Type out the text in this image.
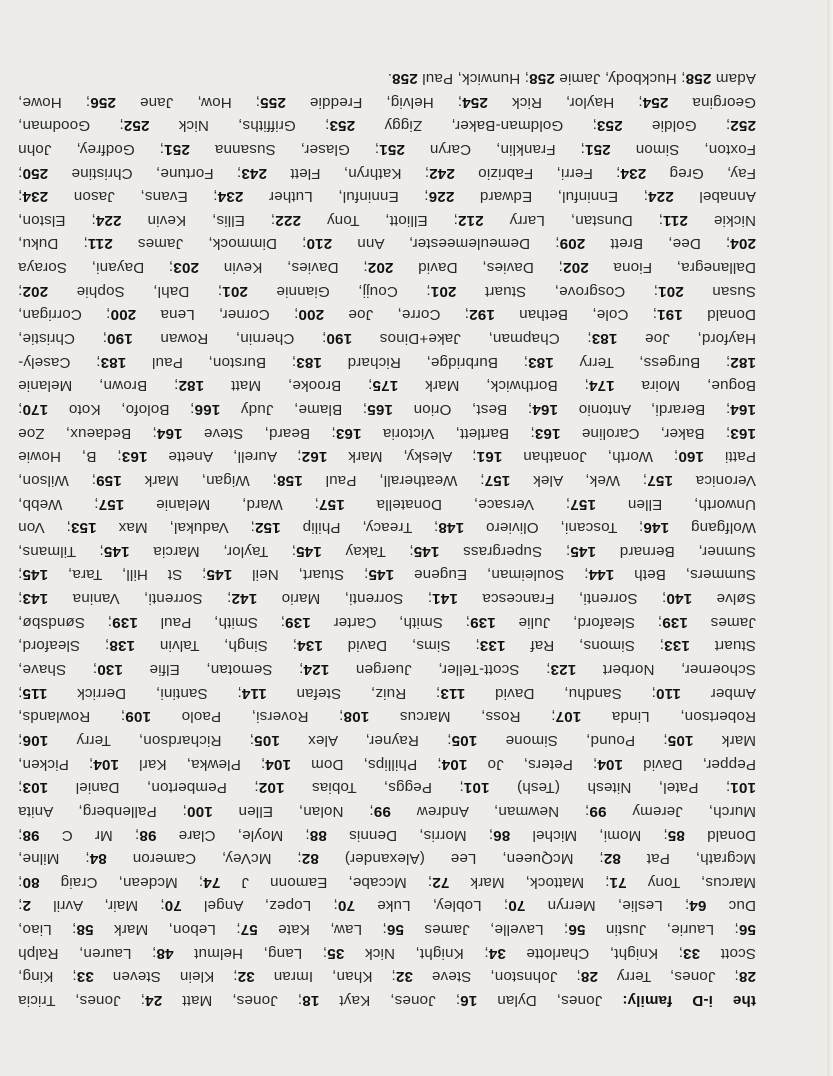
the i-D family: Jones, Dylan 16; Jones, Kayt 18; Jones, Matt 24; Jones, Tricia
28; Jones, Terry 28; Johnston, Steve 32; Khan, Imran 32; Klein Steven 33; King,
Scott 33; Knight, Charlotte 34; Knight, Nick 35; Lang, Helmut 48; Lauren, Ralph
56; Laurie, Justin 56; Lavelle, James 56; Law, Kate 57; Lebon, Mark 58; Liao,
Duc 64; Leslie, Merryn 70; Lobley, Luke 70; Lopez, Angel 70; Mair, Avril 2;
Marcus, Tony 71; Mattock, Mark 72; Mccabe, Eamonn J 74; Mcdean, Craig 80;
Mcgrath, Pat 82; McQueen, Lee (Alexander) 82; McVey, Cameron 84; Milne,
Donald 85; Momi, Michel 86; Morris, Dennis 88; Moyle, Clare 98; Mr C 98;
Murch, Jeremy 99; Newman, Andrew 99; Nolan, Ellen 100; Pallenberg, Anita
101; Patel, Nitesh (Tesh) 101; Peggs, Tobias 102; Pemberton, Daniel 103;
Pepper, David 104; Peters, Jo 104; Phillips, Dom 104; Plewka, Karl 104; Picken,
Mark 105; Pound, Simone 105; Rayner, Alex 105; Richardson, Terry 106;
Robertson, Linda 107; Ross, Marcus 108; Roversi, Paolo 109; Rowlands,
Amber 110; Sandhu, David 113; Ruiz, Stefan 114; Santini, Derrick 115;
Schoerner, Norbert 123; Scott-Teller, Juergen 124; Semotan, Elfie 130; Shave,
Stuart 133; Simons, Raf 133; Sims, David 134; Singh, Talvin 138; Sleaford,
James 139; Sleaford, Julie 139; Smith, Carter 139; Smith, Paul 139; Søndsbø,
Sølve 140; Sorrenti, Francesca 141; Sorrenti, Mario 142; Sorrenti, Vanina 143;
Summers, Beth 144; Souleiman, Eugene 145; Stuart, Neil 145; St Hill, Tara, 145;
Sumner, Bernard 145; Supergrass 145; Takay 145; Taylor, Marcia 145; Tilmans,
Wolfgang 146; Toscani, Oliviero 148; Treacy, Philip 152; Vadukal, Max 153; Von
Unworth, Ellen 157; Versace, Donatella 157; Ward, Melanie 157; Webb,
Veronica 157; Wek, Alek 157; Weatherall, Paul 158; Wigan, Mark 159; Wilson,
Patti 160; Worth, Jonathan 161; Alesky, Mark 162; Aurell, Anette 163; B, Howie
163; Baker, Caroline 163; Bartlett, Victoria 163; Beard, Steve 164; Bedaeux, Zoe
164; Berardi, Antonio 164; Best, Orion 165; Blame, Judy 166; Bolofo, Koto 170;
Bogue, Moira 174; Borthwick, Mark 175; Brooke, Matt 182; Brown, Melanie
182; Burgess, Terry 183; Burbridge, Richard 183; Burston, Paul 183; Casely-
Hayford, Joe 183; Chapman, Jake+Dinos 190; Chernin, Rowan 190; Christie,
Donald 191; Cole, Bethan 192; Corre, Joe 200; Corner, Lena 200; Corrigan,
Susan 201; Cosgrove, Stuart 201; Coujj, Giannie 201; Dahl, Sophie 202;
Dallanegra, Fiona 202; Davies, David 202; Davies, Kevin 203; Dayani, Soraya
204; Dee, Brett 209; Demeulemeester, Ann 210; Dimmock, James 211; Duku,
Nickie 211; Dunstan, Larry 212; Elliott, Tony 222; Ellis, Kevin 224; Elston,
Annabel 224; Enninful, Edward 226; Enninful, Luther 234; Evans, Jason 234;
Fay, Greg 234; Ferri, Fabrizio 242; Kathryn, Flett 243; Fortune, Christine 250;
Foxton, Simon 251; Franklin, Caryn 251; Glaser, Susanna 251; Godfrey, John
252; Goldie 253; Goldman-Baker, Ziggy 253; Griffiths, Nick 252; Goodman,
Georgina 254; Haylor, Rick 254; Helvig, Freddie 255; How, Jane 256; Howe,
Adam 258; Huckbody, Jamie 258; Hunwick, Paul 258.
